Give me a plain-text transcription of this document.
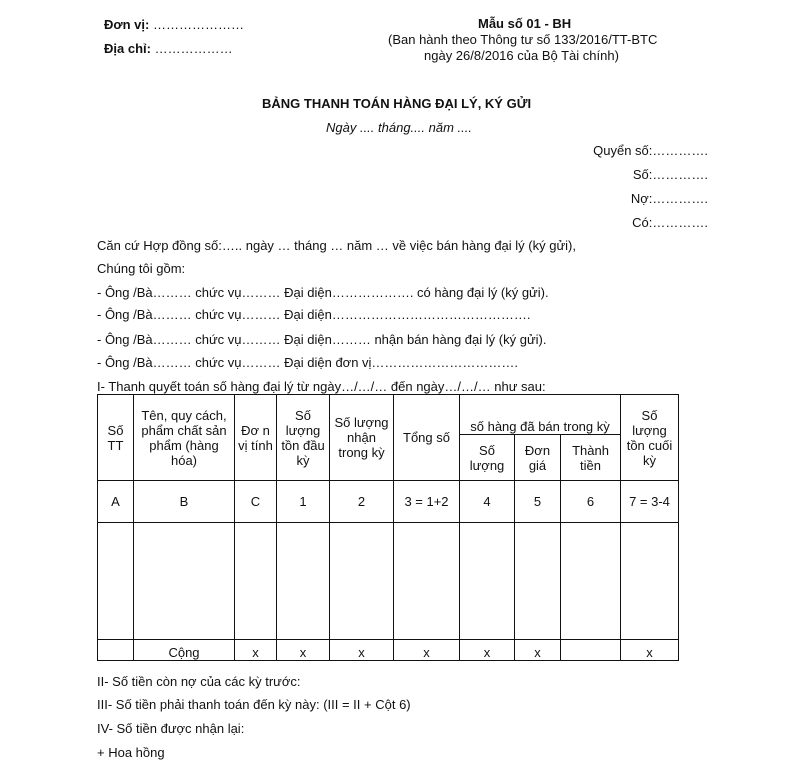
Đơn vị: …………………
Địa chỉ: ………………
Mẫu số 01 - BH
(Ban hành theo Thông tư số 133/2016/TT-BTC
ngày 26/8/2016 của Bộ Tài chính)
BẢNG THANH TOÁN HÀNG ĐẠI LÝ, KÝ GỬI
Ngày .... tháng.... năm ....
Quyển số:………….
Số:………….
Nợ:………….
Có:………….
Căn cứ Hợp đồng số:….. ngày … tháng … năm … về việc bán hàng đại lý (ký gửi),
Chúng tôi gồm:
- Ông /Bà……… chức vụ……… Đại diện………………. có hàng đại lý (ký gửi).
- Ông /Bà……… chức vụ……… Đại diện……………………………………….
- Ông /Bà……… chức vụ……… Đại diện……… nhận bán hàng đại lý (ký gửi).
- Ông /Bà……… chức vụ……… Đại diện đơn vị…………………………….
I- Thanh quyết toán số hàng đại lý từ ngày…/…/… đến ngày…/…/… như sau:
Số TT	Tên, quy cách, phẩm chất sản phẩm (hàng hóa)	Đơ n vị tính	Số lượng tồn đầu kỳ	Số lượng nhận trong kỳ	Tổng số	số hàng đã bán trong kỳ			Số lượng tồn cuối kỳ
						Số lượng	Đơn giá	Thành tiền	
A	B	C	1	2	3 = 1+2	4	5	6	7 = 3-4

	Cộng	x	x	x	x	x	x		x
II- Số tiền còn nợ của các kỳ trước:
III- Số tiền phải thanh toán đến kỳ này: (III = II + Cột 6)
IV- Số tiền được nhận lại:
+ Hoa hồng
